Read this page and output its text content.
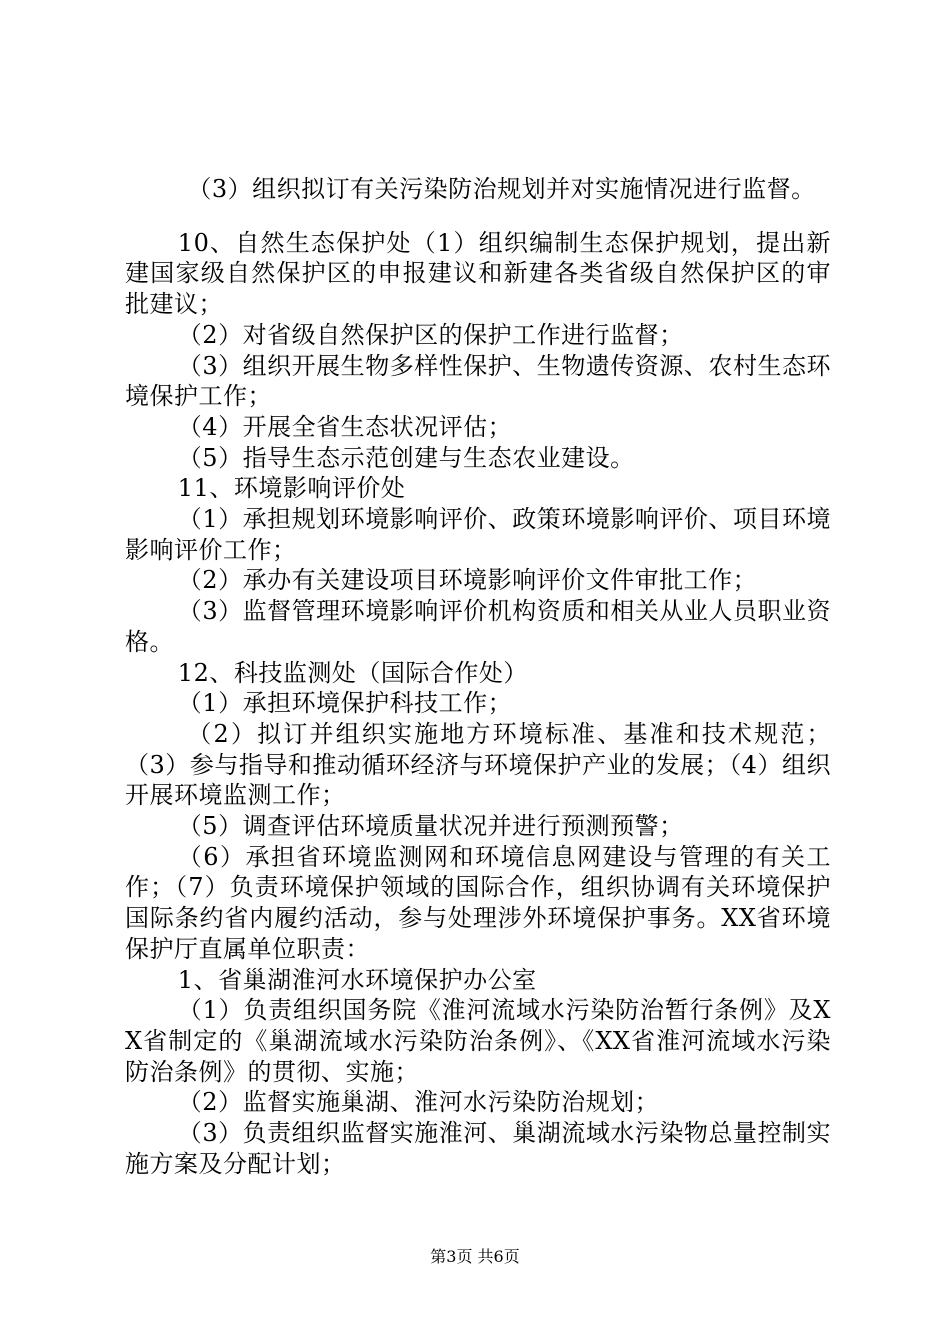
（3）组织拟订有关污染防治规划并对实施情况进行监督。

10、自然生态保护处（1）组织编制生态保护规划，提出新建国家级自然保护区的申报建议和新建各类省级自然保护区的审批建议；

（2）对省级自然保护区的保护工作进行监督；

（3）组织开展生物多样性保护、生物遗传资源、农村生态环境保护工作；

（4）开展全省生态状况评估；

（5）指导生态示范创建与生态农业建设。

11、环境影响评价处

（1）承担规划环境影响评价、政策环境影响评价、项目环境影响评价工作；

（2）承办有关建设项目环境影响评价文件审批工作；

（3）监督管理环境影响评价机构资质和相关从业人员职业资格。

12、科技监测处（国际合作处）

（1）承担环境保护科技工作；

（2）拟订并组织实施地方环境标准、基准和技术规范；（3）参与指导和推动循环经济与环境保护产业的发展；（4）组织开展环境监测工作；

（5）调查评估环境质量状况并进行预测预警；

（6）承担省环境监测网和环境信息网建设与管理的有关工作；（7）负责环境保护领域的国际合作，组织协调有关环境保护国际条约省内履约活动，参与处理涉外环境保护事务。XX省环境保护厅直属单位职责：

1、省巢湖淮河水环境保护办公室

（1）负责组织国务院《淮河流域水污染防治暂行条例》及XX省制定的《巢湖流域水污染防治条例》、《XX省淮河流域水污染防治条例》的贯彻、实施；

（2）监督实施巢湖、淮河水污染防治规划；

（3）负责组织监督实施淮河、巢湖流域水污染物总量控制实施方案及分配计划；

第3页 共6页
